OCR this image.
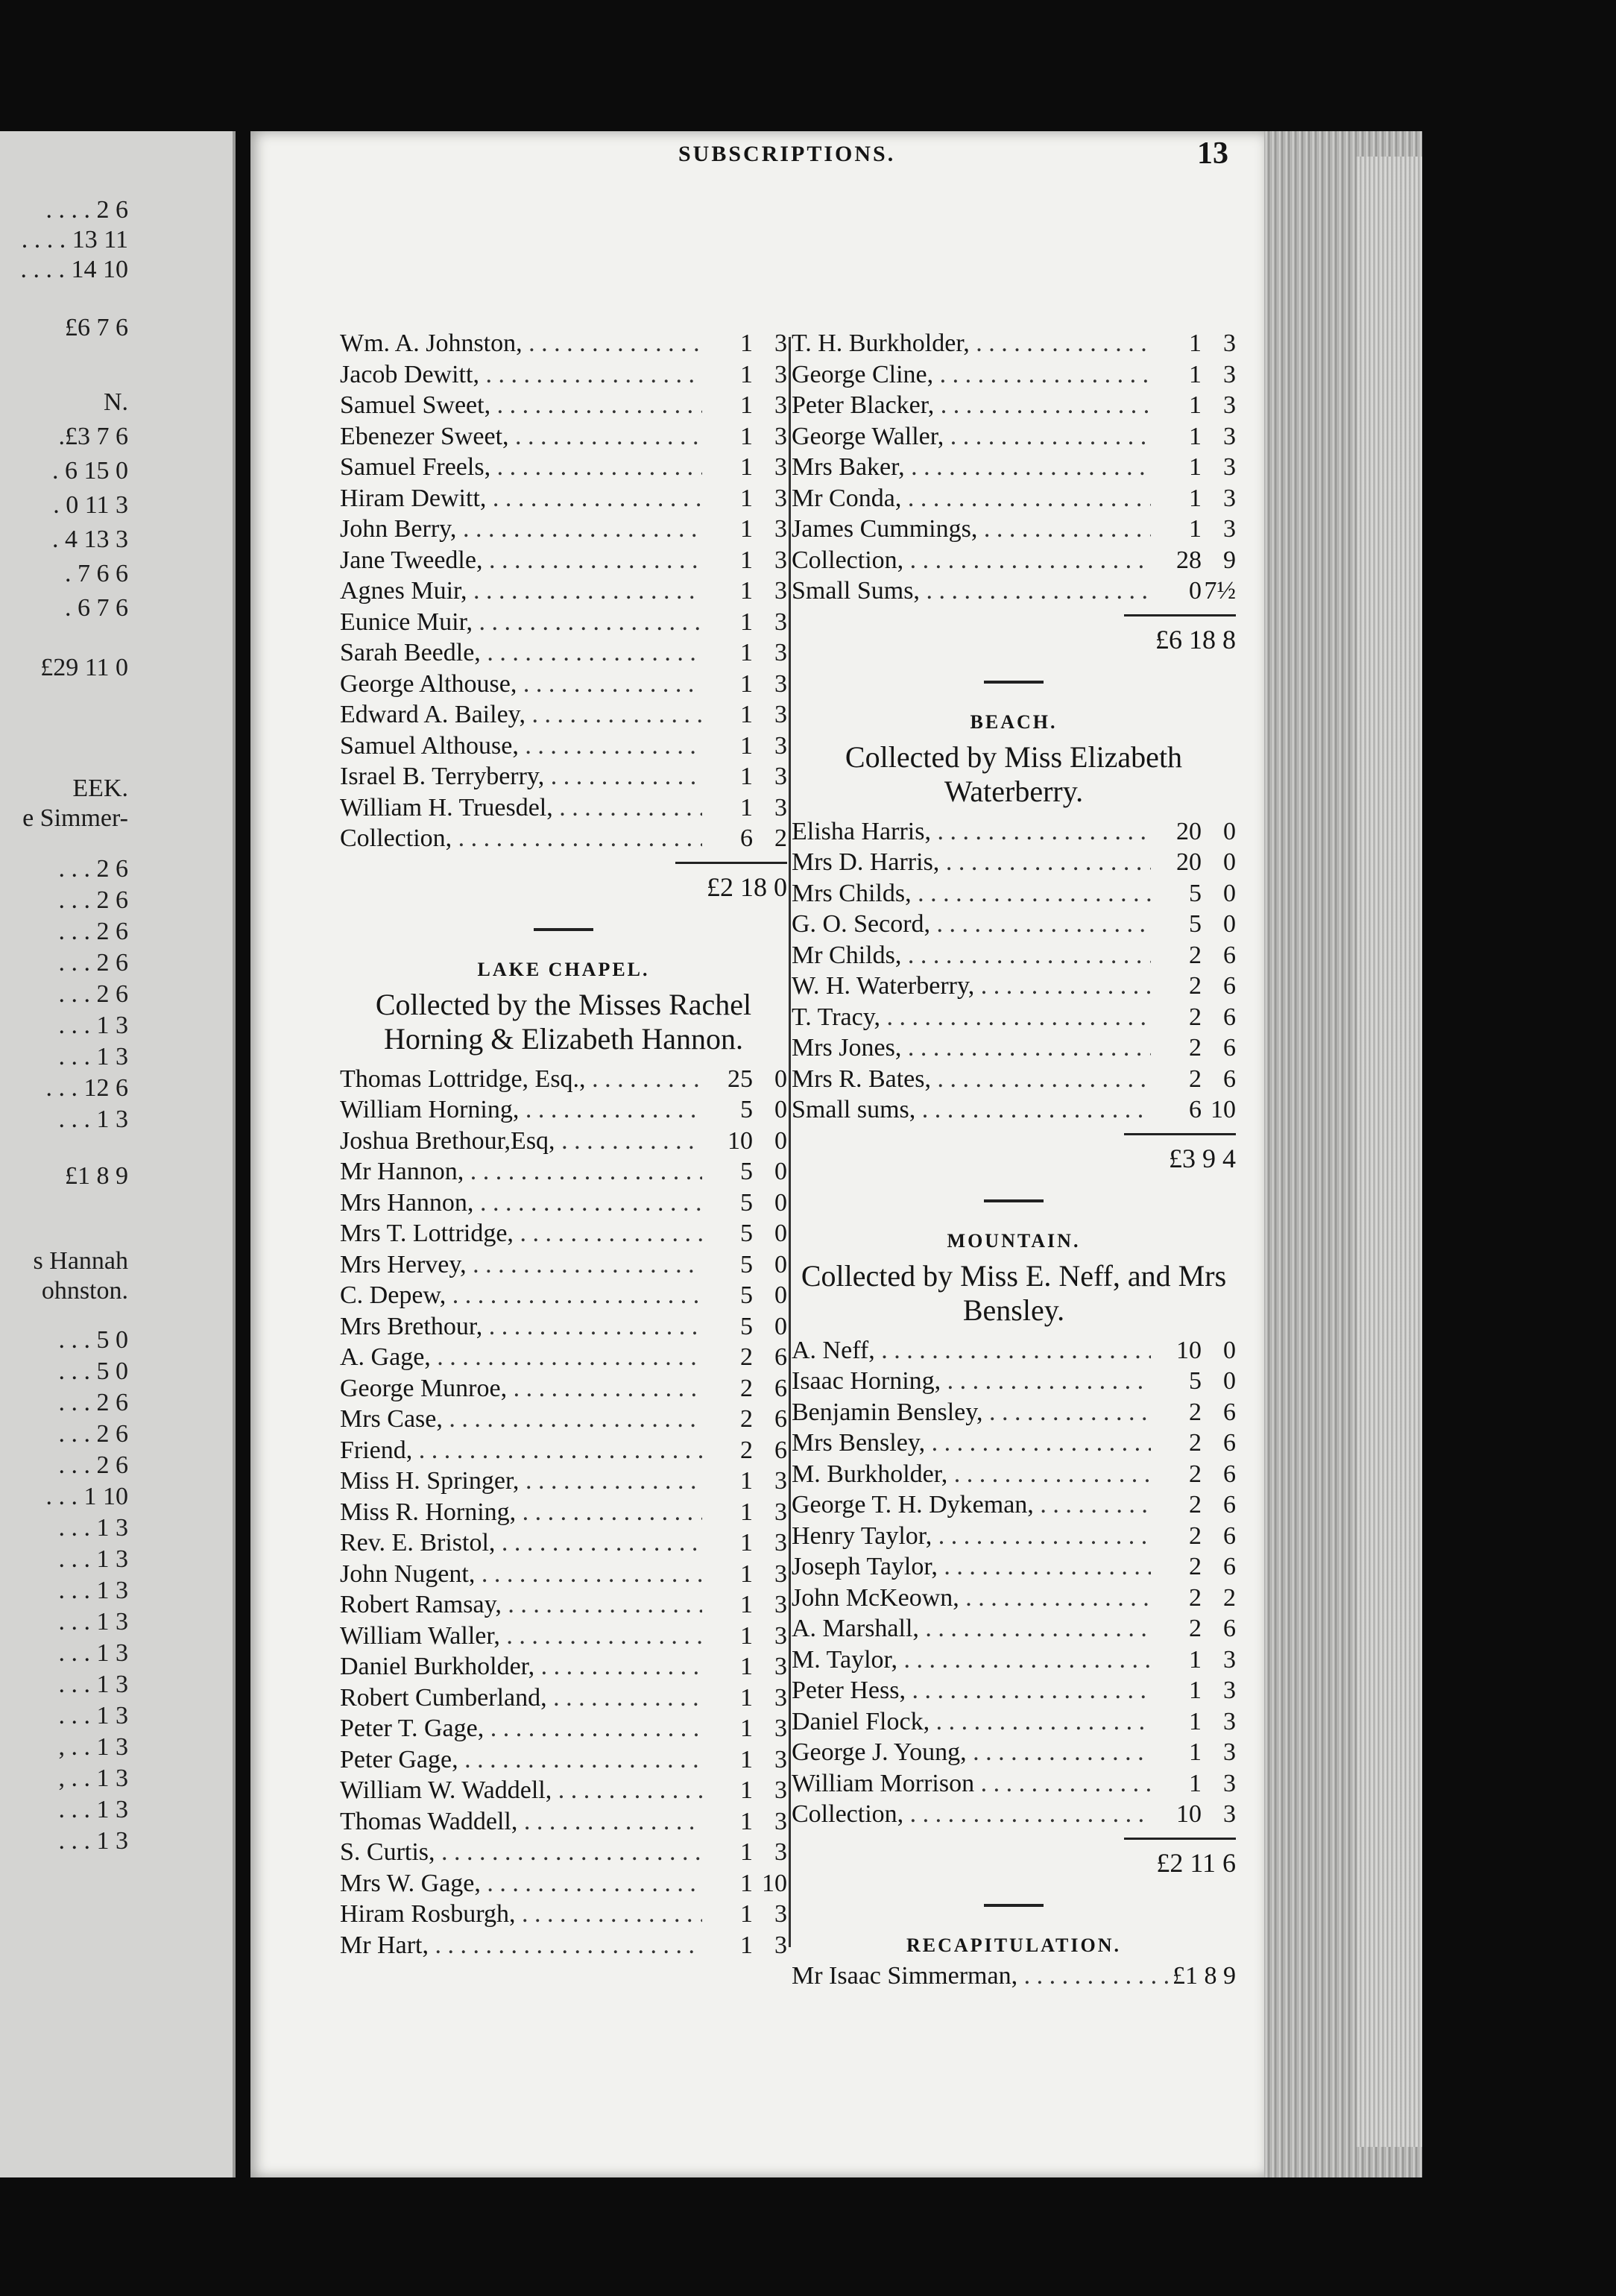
. . . . 2 6
. . . . 13 11
. . . . 14 10
£6 7 6
N.
.£3 7 6
. 6 15 0
. 0 11 3
. 4 13 3
. 7 6 6
. 6 7 6
£29 11 0
EEK.
e Simmer-
. . . 2 6
. . . 2 6
. . . 2 6
. . . 2 6
. . . 2 6
. . . 1 3
. . . 1 3
. . . 12 6
. . . 1 3
£1 8 9
s Hannah
ohnston.
. . . 5 0
. . . 5 0
. . . 2 6
. . . 2 6
. . . 2 6
. . . 1 10
. . . 1 3
. . . 1 3
. . . 1 3
. . . 1 3
. . . 1 3
. . . 1 3
. . . 1 3
, . . 1 3
, . . 1 3
. . . 1 3
. . . 1 3
SUBSCRIPTIONS.	13
Wm. A. Johnston, . . .	1 3
Jacob Dewitt, . . .	1 3
Samuel Sweet, . . .	1 3
Ebenezer Sweet, . . .	1 3
Samuel Freels, . . .	1 3
Hiram Dewitt, . . .	1 3
John Berry, . . .	1 3
Jane Tweedle, . . .	1 3
Agnes Muir, . . .	1 3
Eunice Muir, . . .	1 3
Sarah Beedle, . . .	1 3
George Althouse, . . .	1 3
Edward A. Bailey, . . .	1 3
Samuel Althouse, . . .	1 3
Israel B. Terryberry, . . .	1 3
William H. Truesdel, . . .	1 3
Collection, . . .	6 2
£2 18 0
LAKE CHAPEL.
Collected by the Misses Rachel Horning & Elizabeth Hannon.
Thomas Lottridge, Esq., . . .	25 0
William Horning, . . .	5 0
Joshua Brethour,Esq, . . .	10 0
Mr Hannon, . . .	5 0
Mrs Hannon, . . .	5 0
Mrs T. Lottridge, . . .	5 0
Mrs Hervey, . . .	5 0
C. Depew, . . .	5 0
Mrs Brethour, . . .	5 0
A. Gage, . . .	2 6
George Munroe, . . .	2 6
Mrs Case, . . .	2 6
Friend, . . .	2 6
Miss H. Springer, . . .	1 3
Miss R. Horning, . . .	1 3
Rev. E. Bristol, . . .	1 3
John Nugent, . . .	1 3
Robert Ramsay, . . .	1 3
William Waller, . . .	1 3
Daniel Burkholder, . . .	1 3
Robert Cumberland, . . .	1 3
Peter T. Gage, . . .	1 3
Peter Gage, . . .	1 3
William W. Waddell, . . .	1 3
Thomas Waddell, . . .	1 3
S. Curtis, . . .	1 3
Mrs W. Gage, . . .	1 10
Hiram Rosburgh, . . .	1 3
Mr Hart, . . .	1 3
T. H. Burkholder, . . .	1 3
George Cline, . . .	1 3
Peter Blacker, . . .	1 3
George Waller, . . .	1 3
Mrs Baker, . . .	1 3
Mr Conda, . . .	1 3
James Cummings, . . .	1 3
Collection, . . .	28 9
Small Sums, . . .	0 7½
£6 18 8
BEACH.
Collected by Miss Elizabeth Waterberry.
Elisha Harris, . . .	20 0
Mrs D. Harris, . . .	20 0
Mrs Childs, . . .	5 0
G. O. Secord, . . .	5 0
Mr Childs, . . .	2 6
W. H. Waterberry, . . .	2 6
T. Tracy, . . .	2 6
Mrs Jones, . . .	2 6
Mrs R. Bates, . . .	2 6
Small sums, . . .	6 10
£3 9 4
MOUNTAIN.
Collected by Miss E. Neff, and Mrs Bensley.
A. Neff, . . .	10 0
Isaac Horning, . . .	5 0
Benjamin Bensley, . . .	2 6
Mrs Bensley, . . .	2 6
M. Burkholder, . . .	2 6
George T. H. Dykeman, . . .	2 6
Henry Taylor, . . .	2 6
Joseph Taylor, . . .	2 6
John McKeown, . . .	2 2
A. Marshall, . . .	2 6
M. Taylor, . . .	1 3
Peter Hess, . . .	1 3
Daniel Flock, . . .	1 3
George J. Young, . . .	1 3
William Morrison . . .	1 3
Collection, . . .	10 3
£2 11 6
RECAPITULATION.
Mr Isaac Simmerman, . . .	£1 8 9
